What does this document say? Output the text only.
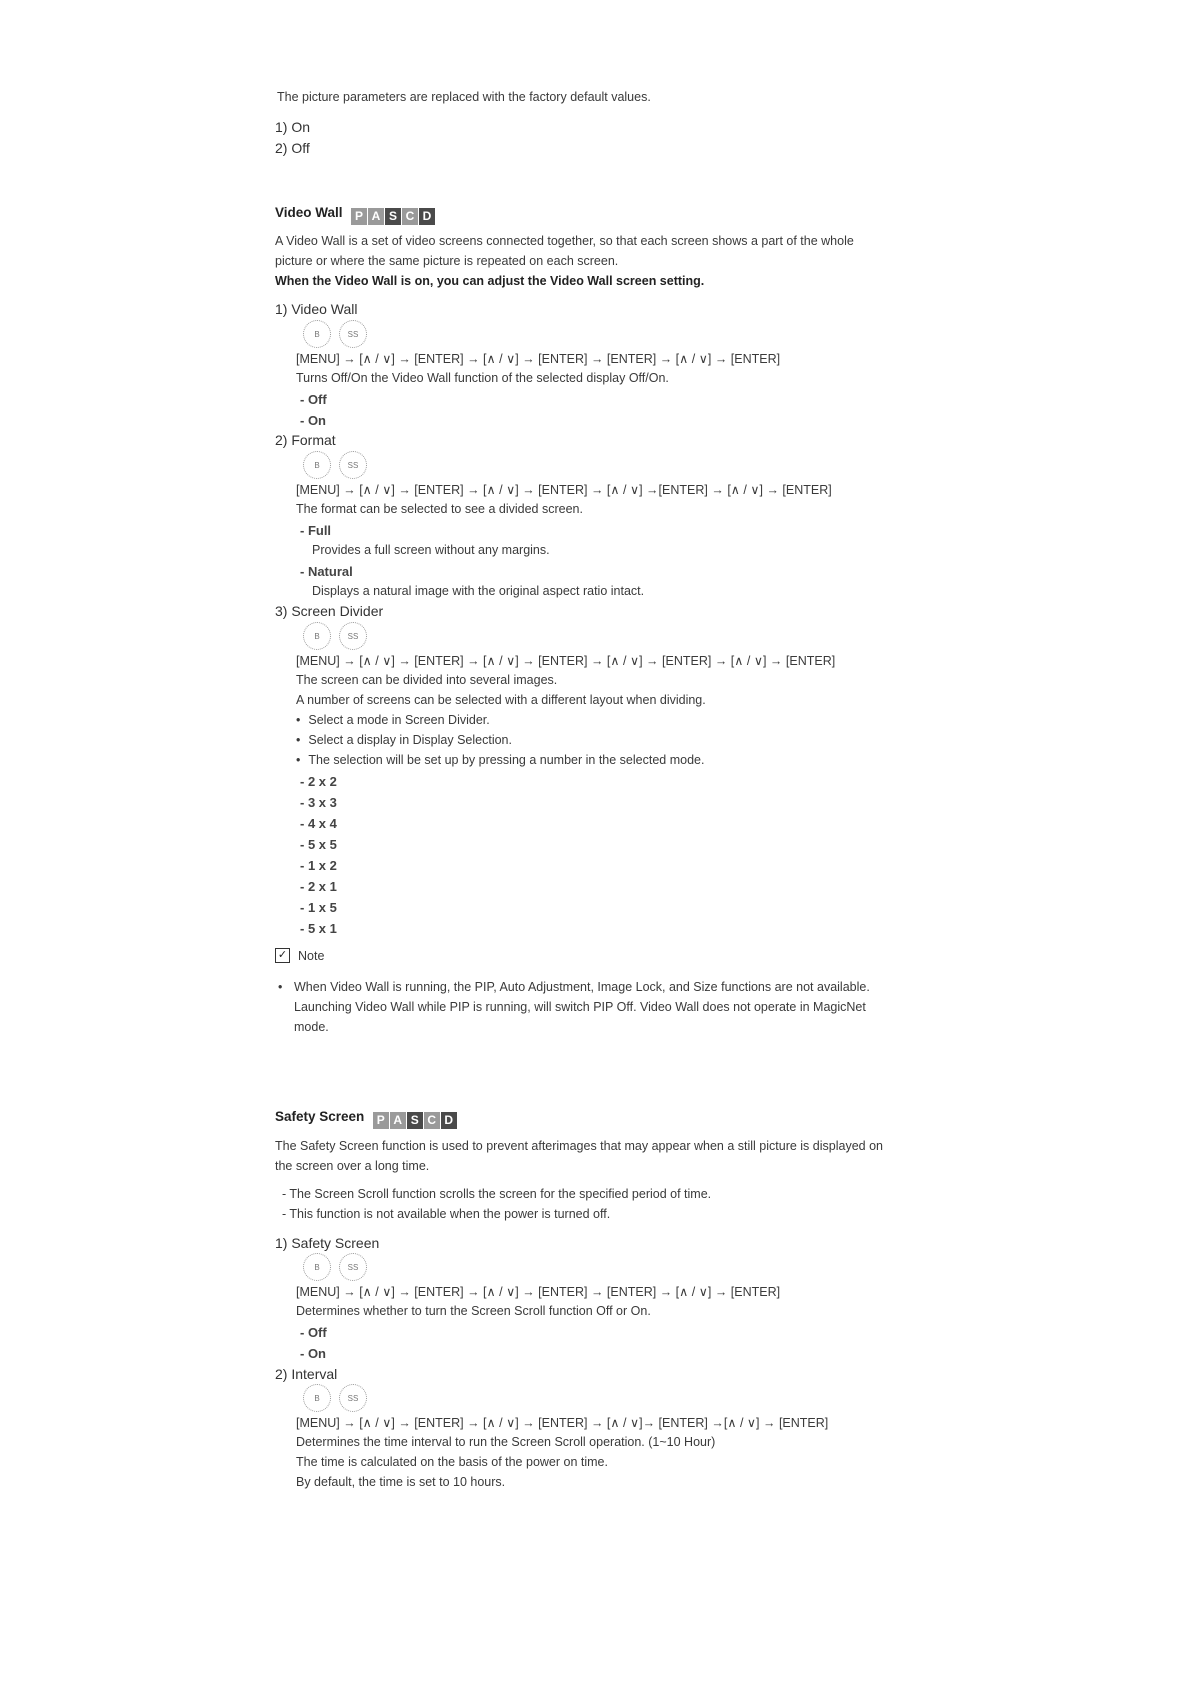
The picture parameters are replaced with the factory default values.
1) On
2) Off
Video Wall	P A S C D
A Video Wall is a set of video screens connected together, so that each screen shows a part of the whole
picture or where the same picture is repeated on each screen.
When the Video Wall is on, you can adjust the Video Wall screen setting.
1) Video Wall
B	SS
[MENU] → [∧ / ∨] → [ENTER] → [∧ / ∨] → [ENTER] → [ENTER] → [∧ / ∨] → [ENTER]
Turns Off/On the Video Wall function of the selected display Off/On.
- Off
- On
2) Format
B	SS
[MENU] → [∧ / ∨] → [ENTER] → [∧ / ∨] → [ENTER] → [∧ / ∨] →[ENTER] → [∧ / ∨] → [ENTER]
The format can be selected to see a divided screen.
- Full
Provides a full screen without any margins.
- Natural
Displays a natural image with the original aspect ratio intact.
3) Screen Divider
B	SS
[MENU] → [∧ / ∨] → [ENTER] → [∧ / ∨] → [ENTER] → [∧ / ∨] → [ENTER] → [∧ / ∨] → [ENTER]
The screen can be divided into several images.
A number of screens can be selected with a different layout when dividing.
• Select a mode in Screen Divider.
• Select a display in Display Selection.
• The selection will be set up by pressing a number in the selected mode.
- 2 x 2
- 3 x 3
- 4 x 4
- 5 x 5
- 1 x 2
- 2 x 1
- 1 x 5
- 5 x 1
✓ Note
• When Video Wall is running, the PIP, Auto Adjustment, Image Lock, and Size functions are not available.
Launching Video Wall while PIP is running, will switch PIP Off. Video Wall does not operate in MagicNet
mode.
Safety Screen	P A S C D
The Safety Screen function is used to prevent afterimages that may appear when a still picture is displayed on
the screen over a long time.
- The Screen Scroll function scrolls the screen for the specified period of time.
- This function is not available when the power is turned off.
1) Safety Screen
B	SS
[MENU] → [∧ / ∨] → [ENTER] → [∧ / ∨] → [ENTER] → [ENTER] → [∧ / ∨] → [ENTER]
Determines whether to turn the Screen Scroll function Off or On.
- Off
- On
2) Interval
B	SS
[MENU] → [∧ / ∨] → [ENTER] → [∧ / ∨] → [ENTER] → [∧ / ∨]→ [ENTER] →[∧ / ∨] → [ENTER]
Determines the time interval to run the Screen Scroll operation. (1~10 Hour)
The time is calculated on the basis of the power on time.
By default, the time is set to 10 hours.
